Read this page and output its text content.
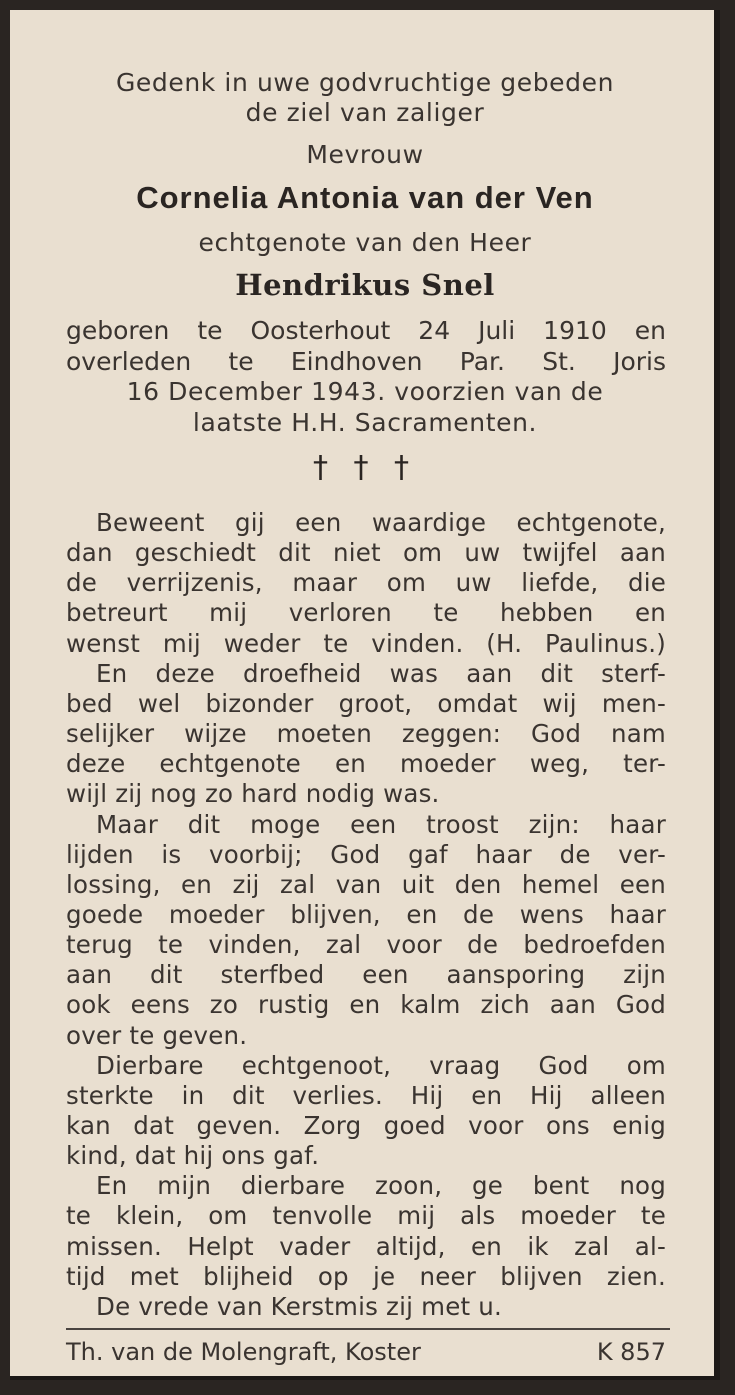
Gedenk in uwe godvruchtige gebeden
de ziel van zaliger
Mevrouw
Cornelia Antonia van der Ven
echtgenote van den Heer
Hendrikus Snel
geboren te Oosterhout 24 Juli 1910 en
overleden te Eindhoven Par. St. Joris
16 December 1943. voorzien van de
laatste H.H. Sacramenten.
† † †
Beweent gij een waardige echtgenote,
dan geschiedt dit niet om uw twijfel aan
de verrijzenis, maar om uw liefde, die
betreurt mij verloren te hebben en
wenst mij weder te vinden. (H. Paulinus.)
En deze droefheid was aan dit sterf-
bed wel bizonder groot, omdat wij men-
selijker wijze moeten zeggen: God nam
deze echtgenote en moeder weg, ter-
wijl zij nog zo hard nodig was.
Maar dit moge een troost zijn: haar
lijden is voorbij; God gaf haar de ver-
lossing, en zij zal van uit den hemel een
goede moeder blijven, en de wens haar
terug te vinden, zal voor de bedroefden
aan dit sterfbed een aansporing zijn
ook eens zo rustig en kalm zich aan God
over te geven.
Dierbare echtgenoot, vraag God om
sterkte in dit verlies. Hij en Hij alleen
kan dat geven. Zorg goed voor ons enig
kind, dat hij ons gaf.
En mijn dierbare zoon, ge bent nog
te klein, om tenvolle mij als moeder te
missen. Helpt vader altijd, en ik zal al-
tijd met blijheid op je neer blijven zien.
De vrede van Kerstmis zij met u.
Th. van de Molengraft, Koster	K 857
